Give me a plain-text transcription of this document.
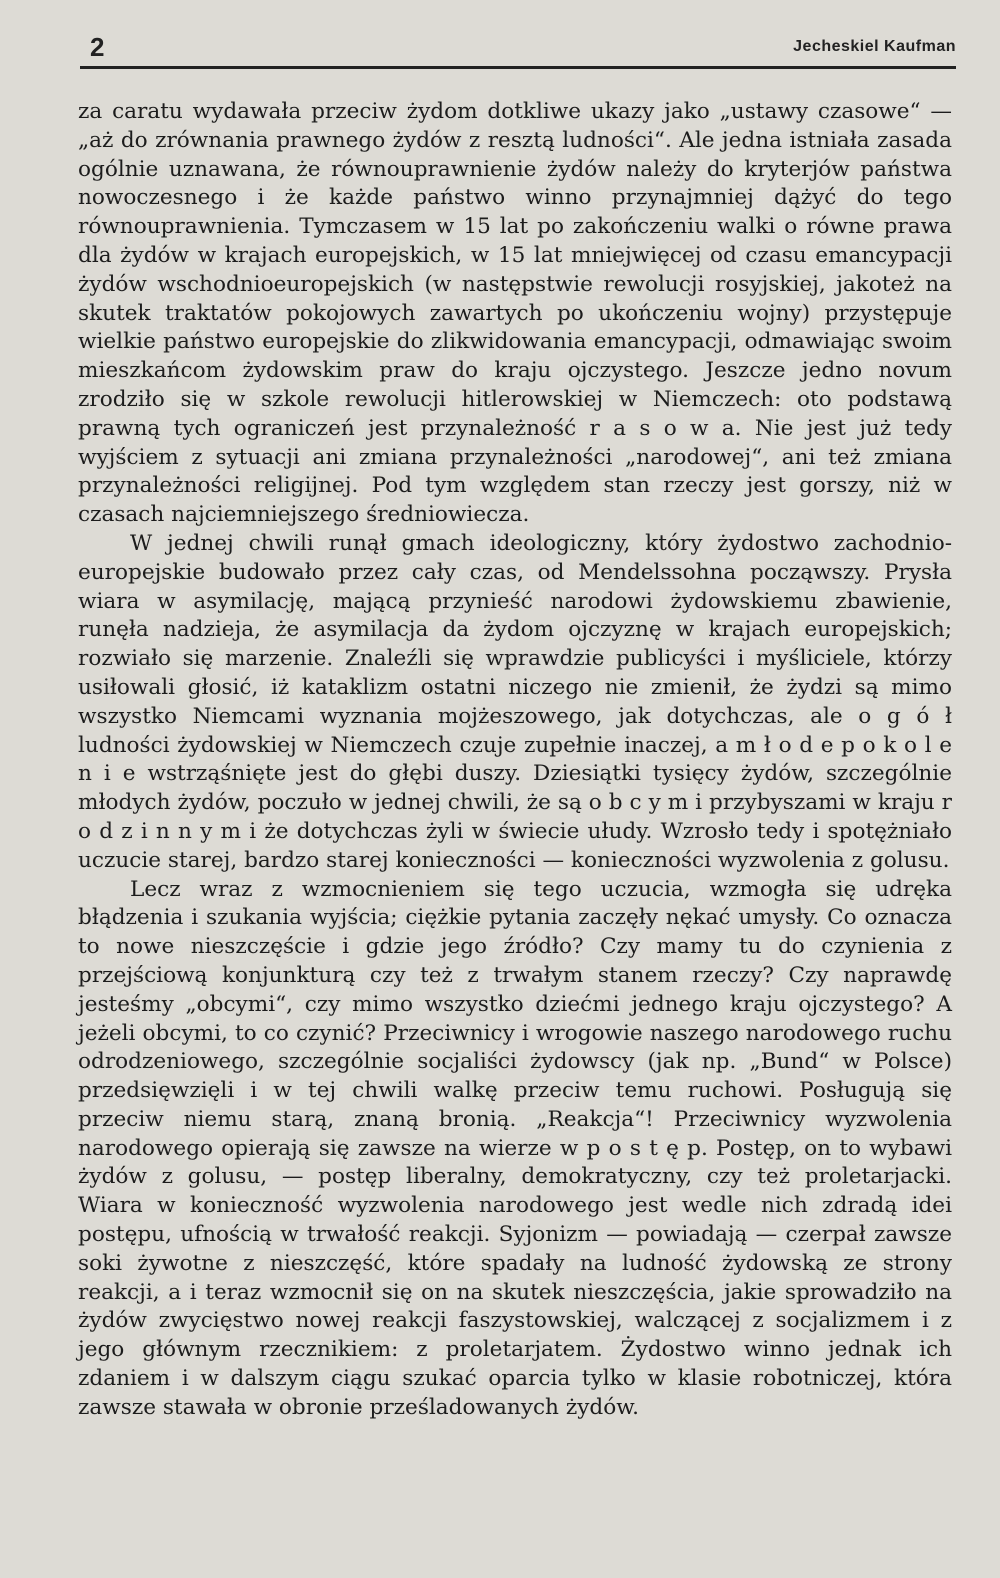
2	Jecheskiel Kaufman

za caratu wydawała przeciw żydom dotkliwe ukazy jako „ustawy czasowe“ — „aż do zrównania prawnego żydów z resztą ludności“. Ale jedna istniała zasada ogólnie uznawana, że równouprawnienie żydów należy do kryterjów państwa nowoczesnego i że każde państwo winno przynajmniej dążyć do tego równouprawnienia. Tymczasem w 15 lat po zakończeniu walki o równe prawa dla żydów w krajach europejskich, w 15 lat mniejwięcej od czasu emancypacji żydów wschodnioeuropejskich (w następstwie rewolucji rosyjskiej, jakoteż na skutek traktatów pokojowych zawartych po ukończeniu wojny) przystępuje wielkie państwo europejskie do zlikwidowania emancypacji, odmawiając swoim mieszkańcom żydowskim praw do kraju ojczystego. Jeszcze jedno novum zrodziło się w szkole rewolucji hitlerowskiej w Niemczech: oto podstawą prawną tych ograniczeń jest przynależność r a s o w a. Nie jest już tedy wyjściem z sytuacji ani zmiana przynależności „narodowej“, ani też zmiana przynależności religijnej. Pod tym względem stan rzeczy jest gorszy, niż w czasach najciemniejszego średniowiecza.

W jednej chwili runął gmach ideologiczny, który żydostwo zachodnio-europejskie budowało przez cały czas, od Mendelssohna począwszy. Prysła wiara w asymilację, mającą przynieść narodowi żydowskiemu zbawienie, runęła nadzieja, że asymilacja da żydom ojczyznę w krajach europejskich; rozwiało się marzenie. Znaleźli się wprawdzie publicyści i myśliciele, którzy usiłowali głosić, iż kataklizm ostatni niczego nie zmienił, że żydzi są mimo wszystko Niemcami wyznania mojżeszowego, jak dotychczas, ale o g ó ł ludności żydowskiej w Niemczech czuje zupełnie inaczej, a m ł o d e p o k o l e n i e wstrząśnięte jest do głębi duszy. Dziesiątki tysięcy żydów, szczególnie młodych żydów, poczuło w jednej chwili, że są o b c y m i przybyszami w kraju r o d z i n n y m i że dotychczas żyli w świecie ułudy. Wzrosło tedy i spotężniało uczucie starej, bardzo starej konieczności — konieczności wyzwolenia z golusu.

Lecz wraz z wzmocnieniem się tego uczucia, wzmogła się udręka błądzenia i szukania wyjścia; ciężkie pytania zaczęły nękać umysły. Co oznacza to nowe nieszczęście i gdzie jego źródło? Czy mamy tu do czynienia z przejściową konjunkturą czy też z trwałym stanem rzeczy? Czy naprawdę jesteśmy „obcymi“, czy mimo wszystko dziećmi jednego kraju ojczystego? A jeżeli obcymi, to co czynić? Przeciwnicy i wrogowie naszego narodowego ruchu odrodzeniowego, szczególnie socjaliści żydowscy (jak np. „Bund“ w Polsce) przedsięwzięli i w tej chwili walkę przeciw temu ruchowi. Posługują się przeciw niemu starą, znaną bronią. „Reakcja“! Przeciwnicy wyzwolenia narodowego opierają się zawsze na wierze w p o s t ę p. Postęp, on to wybawi żydów z golusu, — postęp liberalny, demokratyczny, czy też proletarjacki. Wiara w konieczność wyzwolenia narodowego jest wedle nich zdradą idei postępu, ufnością w trwałość reakcji. Syjonizm — powiadają — czerpał zawsze soki żywotne z nieszczęść, które spadały na ludność żydowską ze strony reakcji, a i teraz wzmocnił się on na skutek nieszczęścia, jakie sprowadziło na żydów zwycięstwo nowej reakcji faszystowskiej, walczącej z socjalizmem i z jego głównym rzecznikiem: z proletarjatem. Żydostwo winno jednak ich zdaniem i w dalszym ciągu szukać oparcia tylko w klasie robotniczej, która zawsze stawała w obronie prześladowanych żydów.
